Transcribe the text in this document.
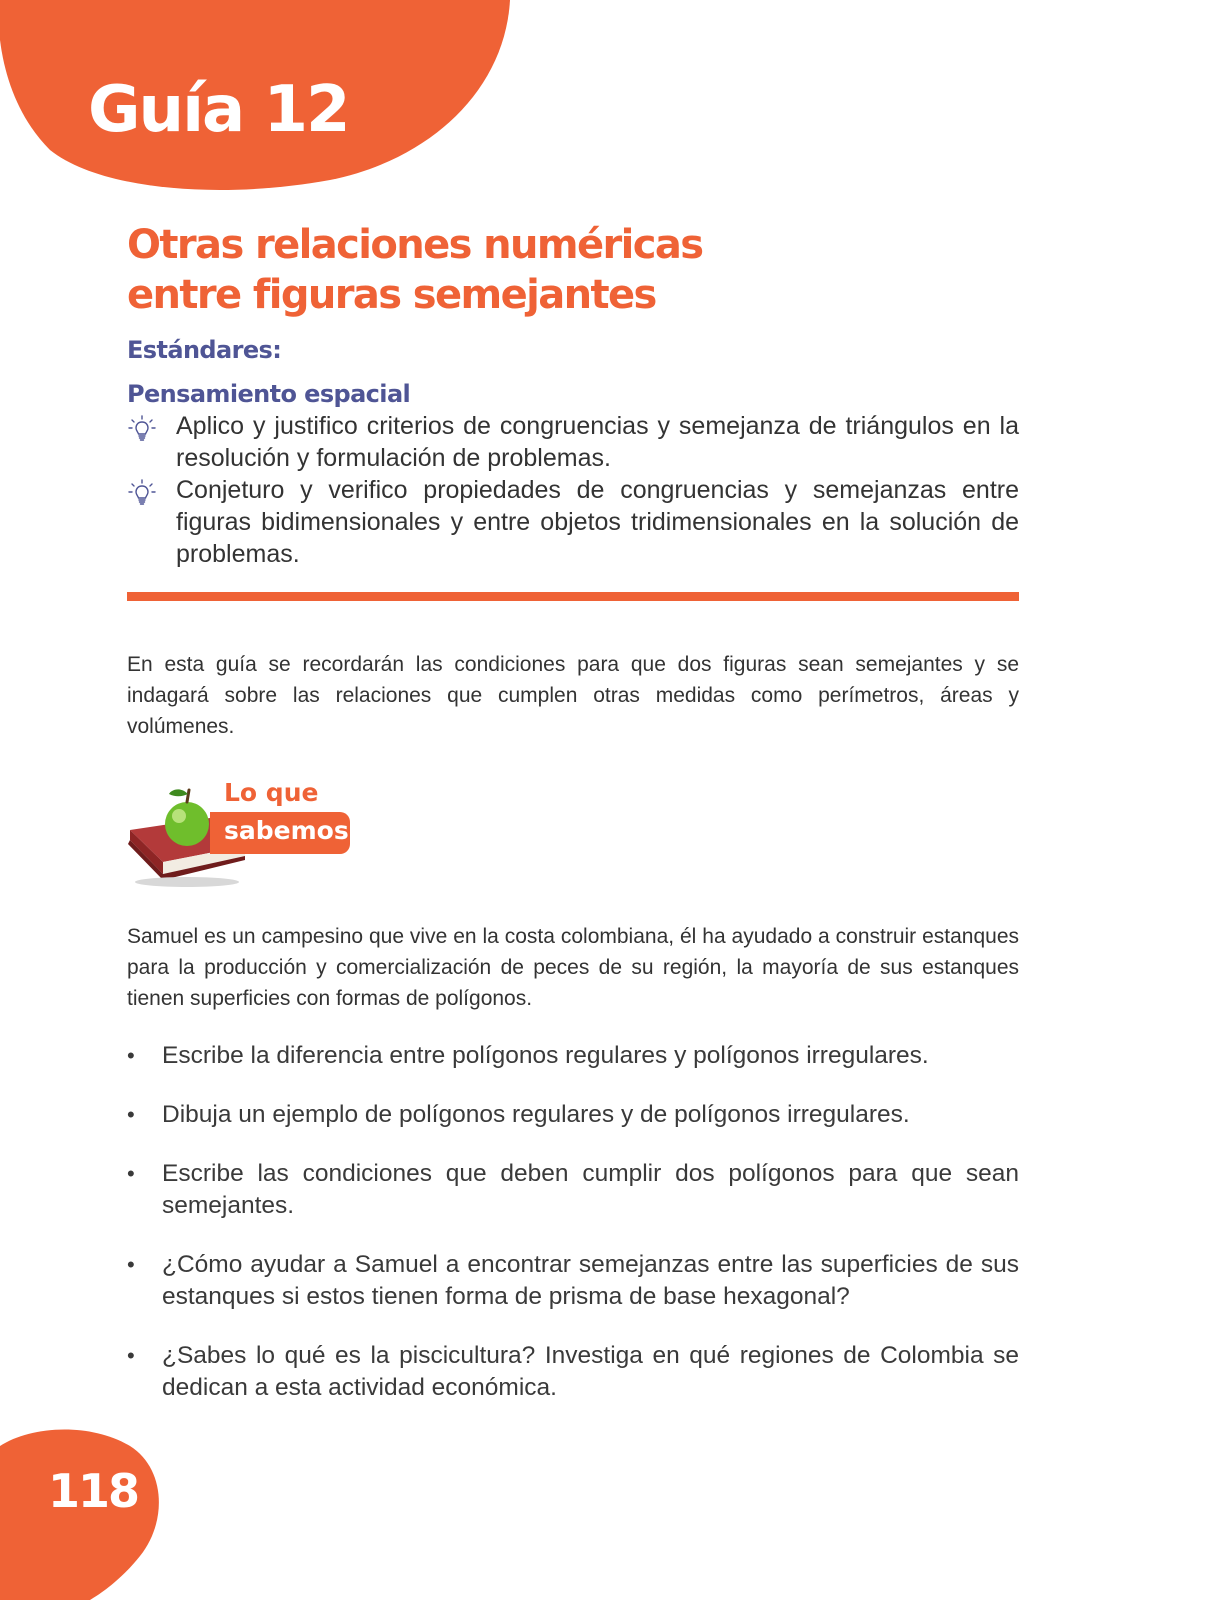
Guía 12
Otras relaciones numéricas
entre figuras semejantes
Estándares:
Pensamiento espacial
Aplico y justifico criterios de congruencias y semejanza de triángulos en la resolución y formulación de problemas.
Conjeturo y verifico propiedades de congruencias y semejanzas entre figuras bidimensionales y entre objetos tridimensionales en la solución de problemas.

En esta guía se recordarán las condiciones para que dos figuras sean semejantes y se indagará sobre las relaciones que cumplen otras medidas como perímetros, áreas y volúmenes.

Lo que
sabemos

Samuel es un campesino que vive en la costa colombiana, él ha ayudado a construir estanques para la producción y comercialización de peces de su región, la mayoría de sus estanques tienen superficies con formas de polígonos.

• Escribe la diferencia entre polígonos regulares y polígonos irregulares.
• Dibuja un ejemplo de polígonos regulares y de polígonos irregulares.
• Escribe las condiciones que deben cumplir dos polígonos para que sean semejantes.
• ¿Cómo ayudar a Samuel a encontrar semejanzas entre las superficies de sus estanques si estos tienen forma de prisma de base hexagonal?
• ¿Sabes lo qué es la piscicultura? Investiga en qué regiones de Colombia se dedican a esta actividad económica.
118
